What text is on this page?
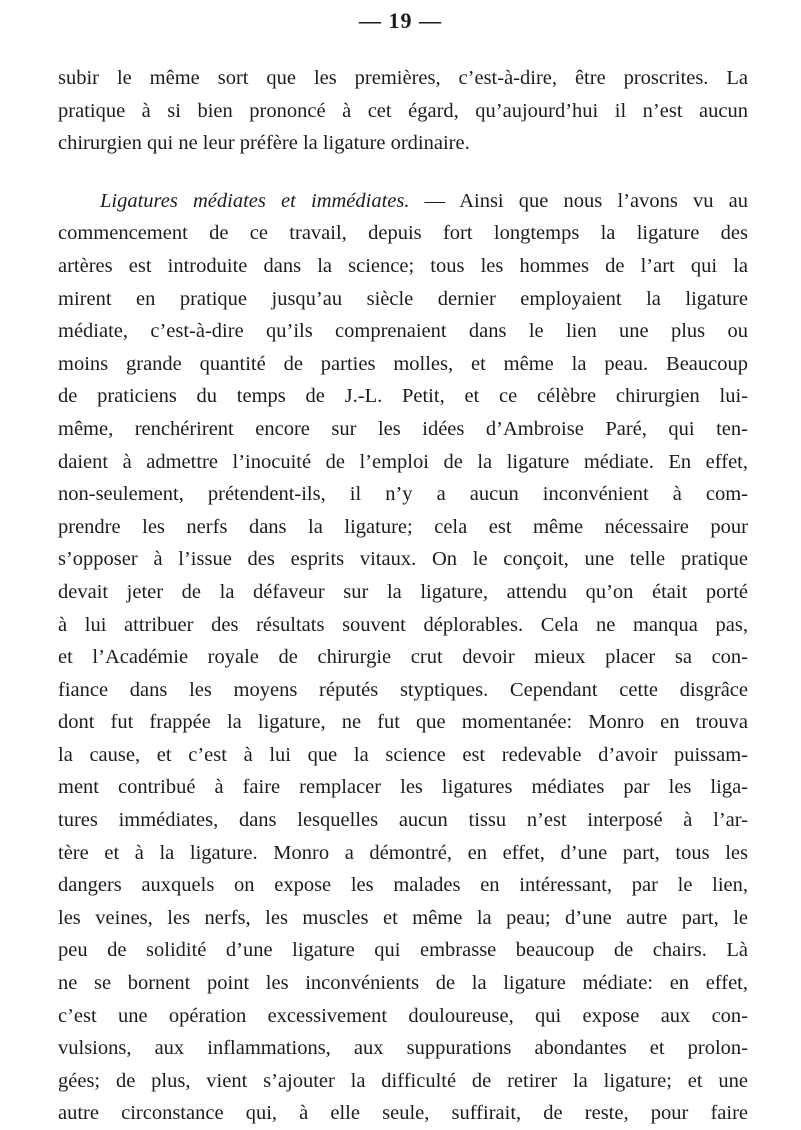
— 19 —
subir le même sort que les premières, c’est-à-dire, être proscrites. La
pratique à si bien prononcé à cet égard, qu’aujourd’hui il n’est aucun
chirurgien qui ne leur préfère la ligature ordinaire.
Ligatures médiates et immédiates. — Ainsi que nous l’avons vu au
commencement de ce travail, depuis fort longtemps la ligature des
artères est introduite dans la science; tous les hommes de l’art qui la
mirent en pratique jusqu’au siècle dernier employaient la ligature
médiate, c’est-à-dire qu’ils comprenaient dans le lien une plus ou
moins grande quantité de parties molles, et même la peau. Beaucoup
de praticiens du temps de J.-L. Petit, et ce célèbre chirurgien lui-
même, renchérirent encore sur les idées d’Ambroise Paré, qui ten-
daient à admettre l’inocuité de l’emploi de la ligature médiate. En effet,
non-seulement, prétendent-ils, il n’y a aucun inconvénient à com-
prendre les nerfs dans la ligature; cela est même nécessaire pour
s’opposer à l’issue des esprits vitaux. On le conçoit, une telle pratique
devait jeter de la défaveur sur la ligature, attendu qu’on était porté
à lui attribuer des résultats souvent déplorables. Cela ne manqua pas,
et l’Académie royale de chirurgie crut devoir mieux placer sa con-
fiance dans les moyens réputés styptiques. Cependant cette disgrâce
dont fut frappée la ligature, ne fut que momentanée: Monro en trouva
la cause, et c’est à lui que la science est redevable d’avoir puissam-
ment contribué à faire remplacer les ligatures médiates par les liga-
tures immédiates, dans lesquelles aucun tissu n’est interposé à l’ar-
tère et à la ligature. Monro a démontré, en effet, d’une part, tous les
dangers auxquels on expose les malades en intéressant, par le lien,
les veines, les nerfs, les muscles et même la peau; d’une autre part, le
peu de solidité d’une ligature qui embrasse beaucoup de chairs. Là
ne se bornent point les inconvénients de la ligature médiate: en effet,
c’est une opération excessivement douloureuse, qui expose aux con-
vulsions, aux inflammations, aux suppurations abondantes et prolon-
gées; de plus, vient s’ajouter la difficulté de retirer la ligature; et une
autre circonstance qui, à elle seule, suffirait, de reste, pour faire
